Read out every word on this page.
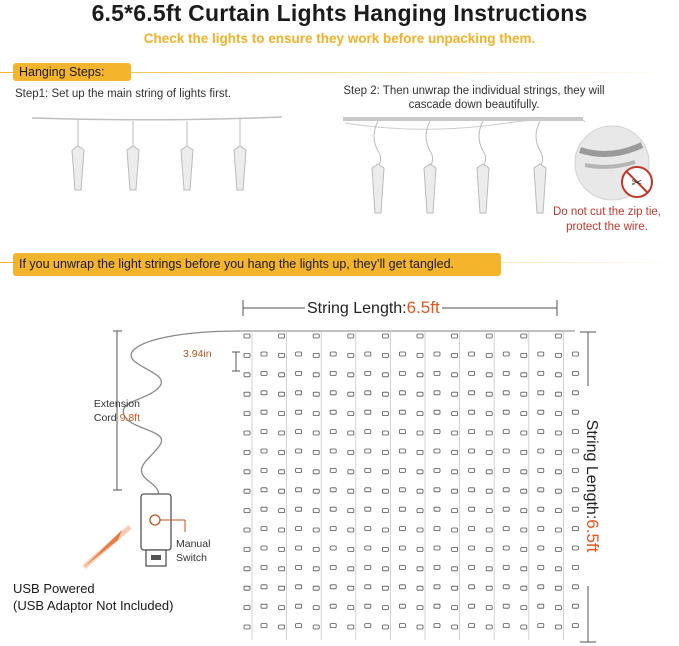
6.5*6.5ft Curtain Lights Hanging Instructions
Check the lights to ensure they work before unpacking them.
Hanging Steps:
Step1: Set up the main string of lights first.	Step 2: Then unwrap the individual strings, they will cascade down beautifully.
✂
Do not cut the zip tie,
protect the wire.
If you unwrap the light strings before you hang the lights up, they’ll get tangled.
String Length:6.5ft
String Length:6.5ft
3.94in
Extension
Cord 9.8ft
Manual
Switch
USB Powered
(USB Adaptor Not Included)
